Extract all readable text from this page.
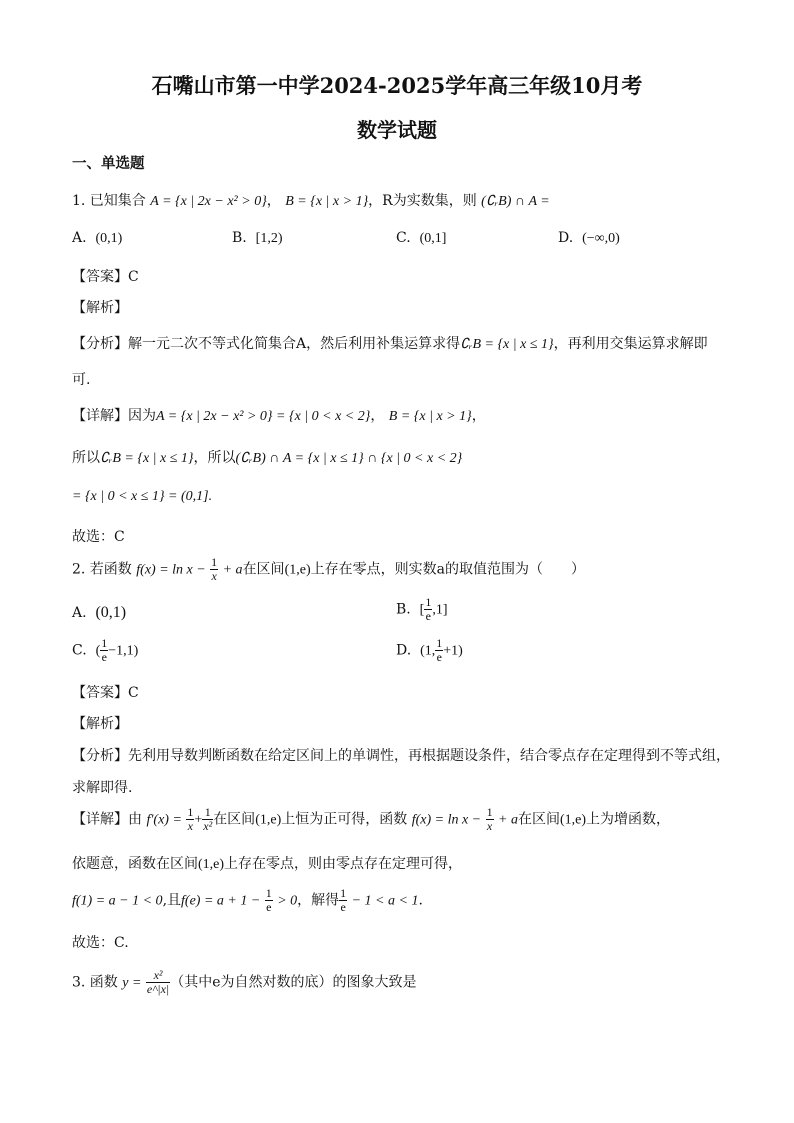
石嘴山市第一中学2024-2025学年高三年级10月考
数学试题
一、单选题
1. 已知集合 A = {x | 2x − x² > 0}， B = {x | x > 1}，R为实数集，则 (∁ᵣB) ∩ A =
A. (0,1)	B. [1,2)	C. (0,1]	D. (−∞,0)
【答案】C
【解析】
【分析】解一元二次不等式化简集合A，然后利用补集运算求得∁ᵣB = {x | x ≤ 1}，再利用交集运算求解即
可.
【详解】因为A = {x | 2x − x² > 0} = {x | 0 < x < 2}， B = {x | x > 1}，
所以∁ᵣB = {x | x ≤ 1}，所以(∁ᵣB) ∩ A = {x | x ≤ 1} ∩ {x | 0 < x < 2}
= {x | 0 < x ≤ 1} = (0,1].
故选：C
2. 若函数 $f(x) = \ln x - \frac{1}{x} + a$在区间(1,e)上存在零点，则实数a的取值范围为（　　）
A. (0,1)	B. [ $\frac{1}{e} ,1$]
C. ( $\frac{1}{e} -1,1$)	D. (1, $\frac{1}{e} +1$)
【答案】C
【解析】
【分析】先利用导数判断函数在给定区间上的单调性，再根据题设条件，结合零点存在定理得到不等式组，
求解即得.
【详解】由 $f'(x) = \frac{1}{x} + \frac{1}{\text{x²}}$ 在区间(1,e)上恒为正可得，函数 $f(x) = \ln x - \frac{1}{x} + a$在区间(1,e)上为增函数，
依题意，函数在区间(1,e)上存在零点，则由零点存在定理可得，
f(1) = a − 1 < 0,且$f(e) = a + 1 - \frac{1}{e} > 0$，解得 $\frac{1}{e} - 1 < a < 1$.
故选：C.
3. 函数 $y = \frac{\text{x²}}{e\^{}|x|}$ （其中e为自然对数的底）的图象大致是
